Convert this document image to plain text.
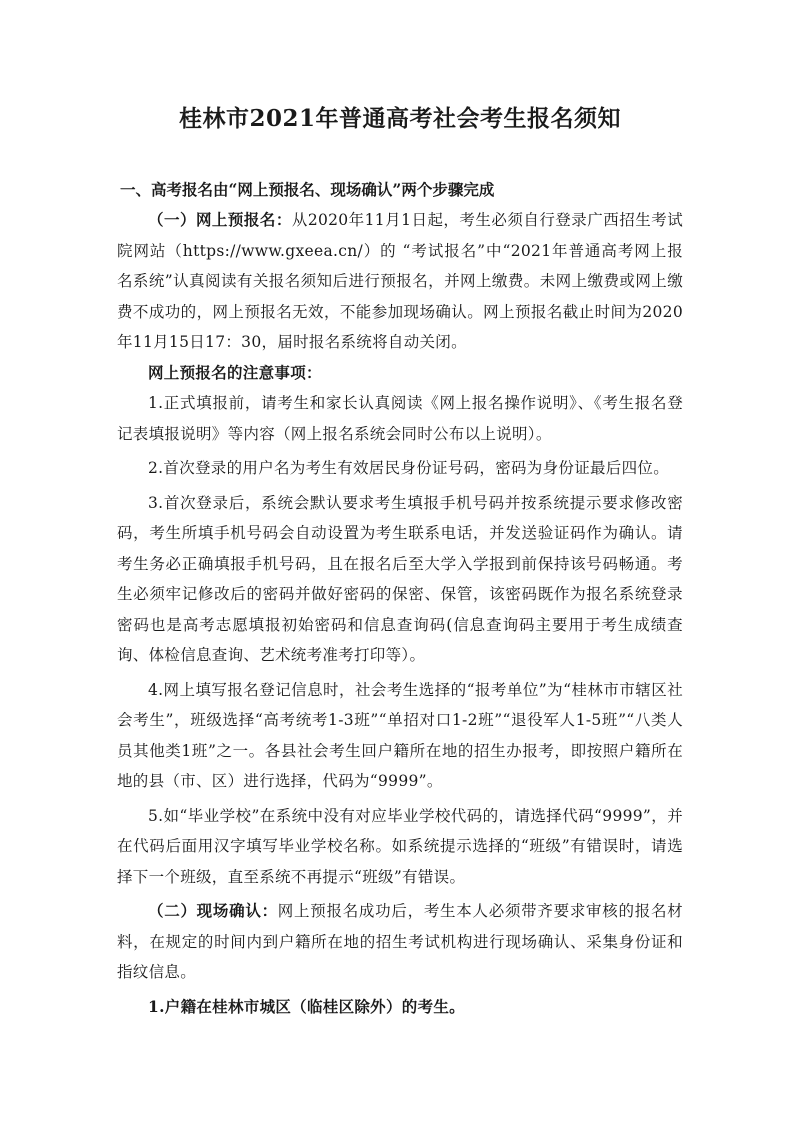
桂林市2021年普通高考社会考生报名须知

一、高考报名由“网上预报名、现场确认”两个步骤完成

（一）网上预报名：从2020年11月1日起，考生必须自行登录广西招生考试院网站（https://www.gxeea.cn/）的 “考试报名”中“2021年普通高考网上报名系统”认真阅读有关报名须知后进行预报名，并网上缴费。未网上缴费或网上缴费不成功的，网上预报名无效，不能参加现场确认。网上预报名截止时间为2020年11月15日17：30，届时报名系统将自动关闭。

网上预报名的注意事项：

1.正式填报前，请考生和家长认真阅读《网上报名操作说明》、《考生报名登记表填报说明》等内容（网上报名系统会同时公布以上说明）。

2.首次登录的用户名为考生有效居民身份证号码，密码为身份证最后四位。

3.首次登录后，系统会默认要求考生填报手机号码并按系统提示要求修改密码，考生所填手机号码会自动设置为考生联系电话，并发送验证码作为确认。请考生务必正确填报手机号码，且在报名后至大学入学报到前保持该号码畅通。考生必须牢记修改后的密码并做好密码的保密、保管，该密码既作为报名系统登录密码也是高考志愿填报初始密码和信息查询码(信息查询码主要用于考生成绩查询、体检信息查询、艺术统考准考打印等）。

4.网上填写报名登记信息时，社会考生选择的“报考单位”为“桂林市市辖区社会考生”，班级选择“高考统考1-3班”“单招对口1-2班”“退役军人1-5班”“八类人员其他类1班”之一。各县社会考生回户籍所在地的招生办报考，即按照户籍所在地的县（市、区）进行选择，代码为“9999”。

5.如“毕业学校”在系统中没有对应毕业学校代码的，请选择代码“9999”，并在代码后面用汉字填写毕业学校名称。如系统提示选择的“班级”有错误时，请选择下一个班级，直至系统不再提示“班级”有错误。

（二）现场确认：网上预报名成功后，考生本人必须带齐要求审核的报名材料，在规定的时间内到户籍所在地的招生考试机构进行现场确认、采集身份证和指纹信息。

1.户籍在桂林市城区（临桂区除外）的考生。
